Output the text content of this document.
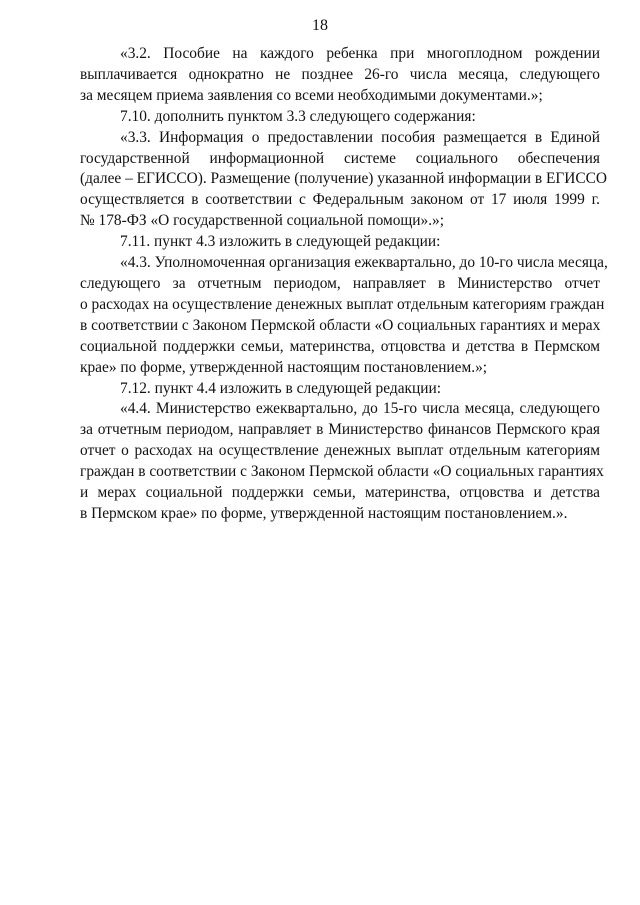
18
«3.2. Пособие на каждого ребенка при многоплодном рождении
выплачивается однократно не позднее 26-го числа месяца, следующего
за месяцем приема заявления со всеми необходимыми документами.»;
7.10. дополнить пунктом 3.3 следующего содержания:
«3.3. Информация о предоставлении пособия размещается в Единой
государственной информационной системе социального обеспечения
(далее – ЕГИССО). Размещение (получение) указанной информации в ЕГИССО
осуществляется в соответствии с Федеральным законом от 17 июля 1999 г.
№ 178-ФЗ «О государственной социальной помощи».»;
7.11. пункт 4.3 изложить в следующей редакции:
«4.3. Уполномоченная организация ежеквартально, до 10-го числа месяца,
следующего за отчетным периодом, направляет в Министерство отчет
о расходах на осуществление денежных выплат отдельным категориям граждан
в соответствии с Законом Пермской области «О социальных гарантиях и мерах
социальной поддержки семьи, материнства, отцовства и детства в Пермском
крае» по форме, утвержденной настоящим постановлением.»;
7.12. пункт 4.4 изложить в следующей редакции:
«4.4. Министерство ежеквартально, до 15-го числа месяца, следующего
за отчетным периодом, направляет в Министерство финансов Пермского края
отчет о расходах на осуществление денежных выплат отдельным категориям
граждан в соответствии с Законом Пермской области «О социальных гарантиях
и мерах социальной поддержки семьи, материнства, отцовства и детства
в Пермском крае» по форме, утвержденной настоящим постановлением.».
